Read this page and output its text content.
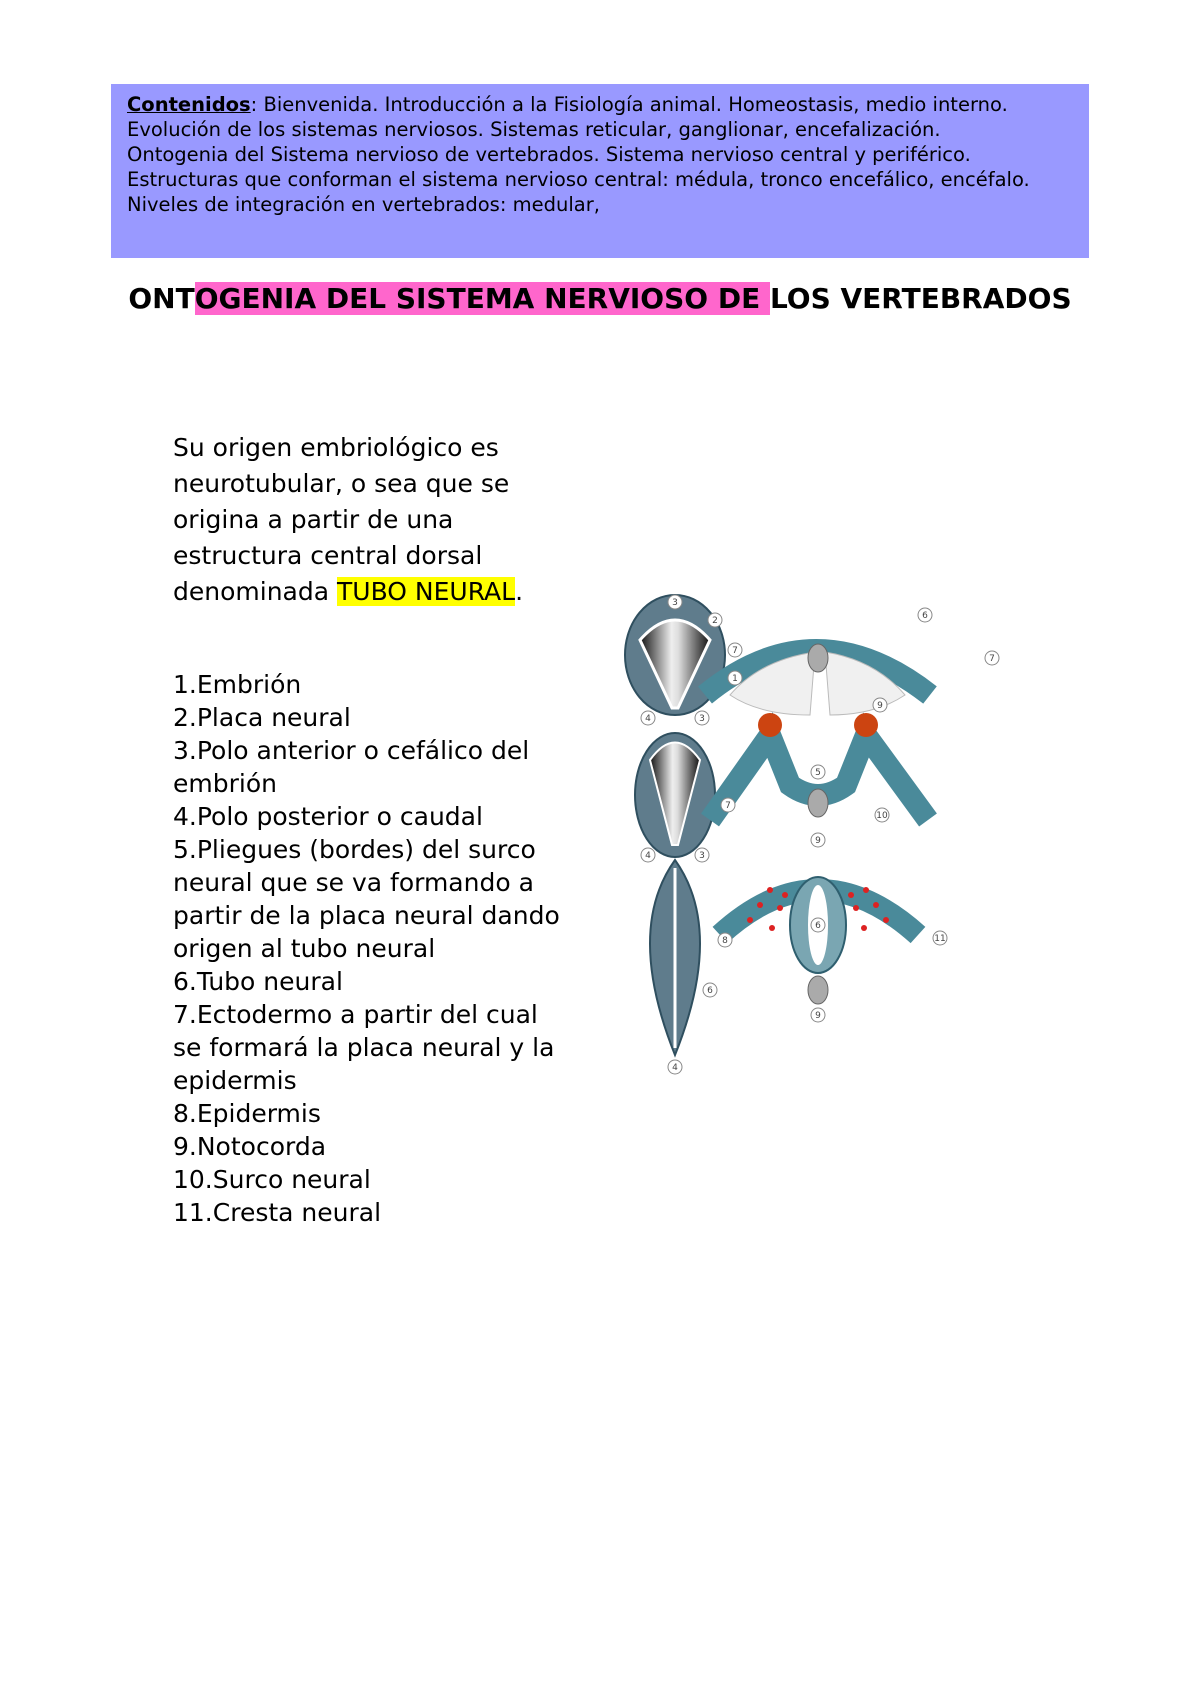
Contenidos: Bienvenida. Introducción a la Fisiología animal. Homeostasis, medio interno.
Evolución de los sistemas nerviosos. Sistemas reticular, ganglionar, encefalización.
Ontogenia del Sistema nervioso de vertebrados. Sistema nervioso central y periférico. Estructuras que conforman el sistema nervioso central: médula, tronco encefálico, encéfalo. Niveles de integración en vertebrados: medular,
ONTOGENIA DEL SISTEMA NERVIOSO DE LOS VERTEBRADOS
Su origen embriológico es neurotubular, o sea que se origina a partir de una estructura central dorsal denominada TUBO NEURAL.
1.Embrión
2.Placa neural
3.Polo anterior o cefálico del embrión
4.Polo posterior o caudal
5.Pliegues (bordes) del surco neural que se va formando a partir de la placa neural dando origen al tubo neural
6.Tubo neural
7.Ectodermo a partir del cual se formará la placa neural y la epidermis
8.Epidermis
9.Notocorda
10.Surco neural
11.Cresta neural
3
2
7
1
4	3
7
4	3
8
6
4
6
7
9
5
10
9
6
11
9
